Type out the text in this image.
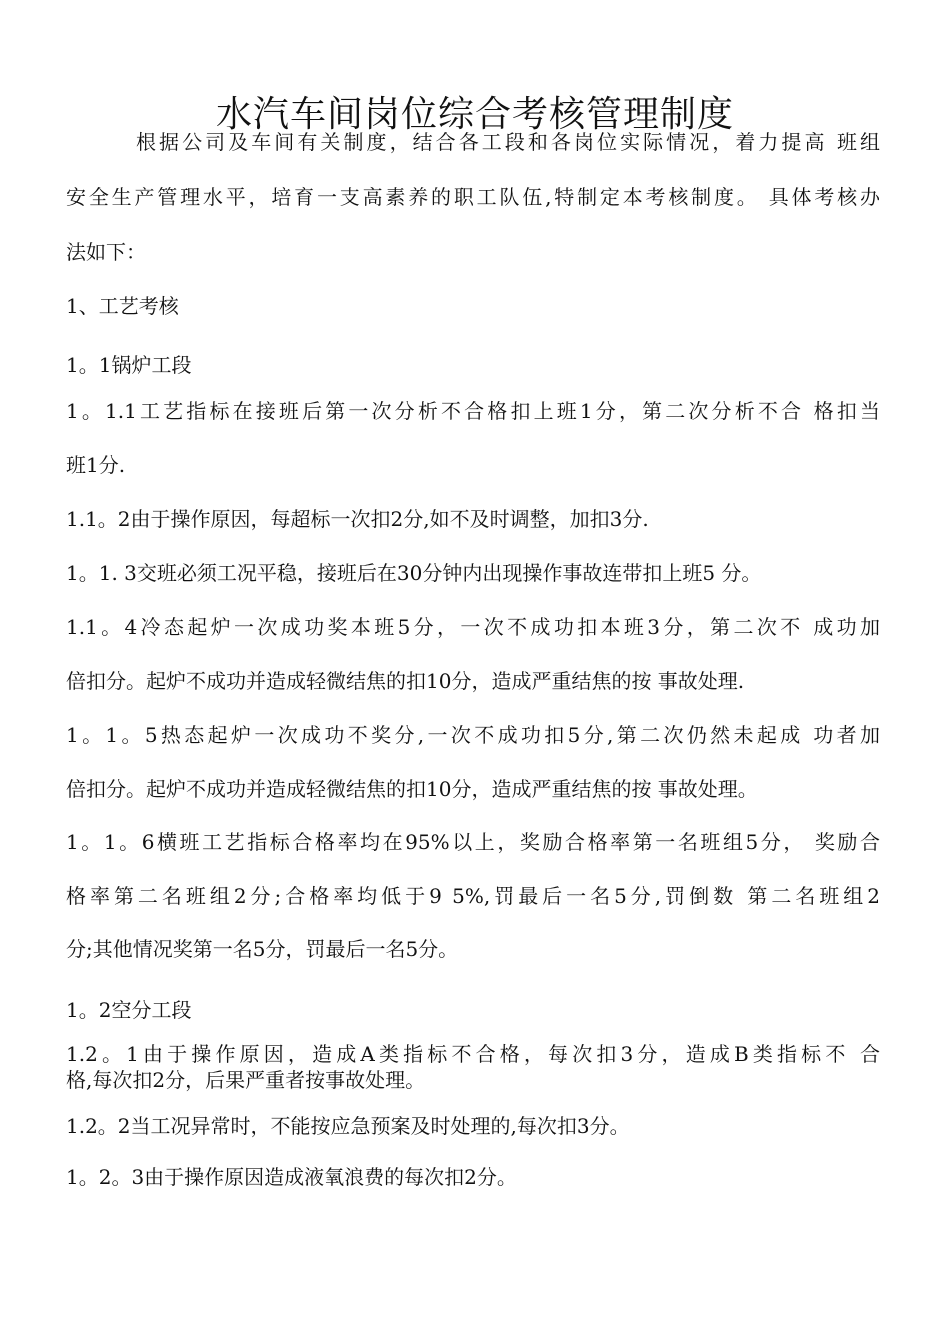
水汽车间岗位综合考核管理制度
根据公司及车间有关制度，结合各工段和各岗位实际情况，着力提高 班组
安全生产管理水平，培育一支高素养的职工队伍,特制定本考核制度。 具体考核办
法如下：
1、工艺考核
1。1锅炉工段
1。1.1工艺指标在接班后第一次分析不合格扣上班1分，第二次分析不合 格扣当
班1分.
1.1。2由于操作原因，每超标一次扣2分,如不及时调整，加扣3分.
1。1. 3交班必须工况平稳，接班后在30分钟内出现操作事故连带扣上班5 分。
1.1。4冷态起炉一次成功奖本班5分，一次不成功扣本班3分，第二次不 成功加
倍扣分。起炉不成功并造成轻微结焦的扣10分，造成严重结焦的按 事故处理.
1。1。5热态起炉一次成功不奖分,一次不成功扣5分,第二次仍然未起成 功者加
倍扣分。起炉不成功并造成轻微结焦的扣10分，造成严重结焦的按 事故处理。
1。1。6横班工艺指标合格率均在95%以上，奖励合格率第一名班组5分， 奖励合
格率第二名班组2分;合格率均低于9 5%,罚最后一名5分,罚倒数 第二名班组2
分;其他情况奖第一名5分，罚最后一名5分。
1。2空分工段
1.2。1由于操作原因，造成A类指标不合格，每次扣3分，造成B类指标不 合
格,每次扣2分，后果严重者按事故处理。
1.2。2当工况异常时，不能按应急预案及时处理的,每次扣3分。
1。2。3由于操作原因造成液氧浪费的每次扣2分。
